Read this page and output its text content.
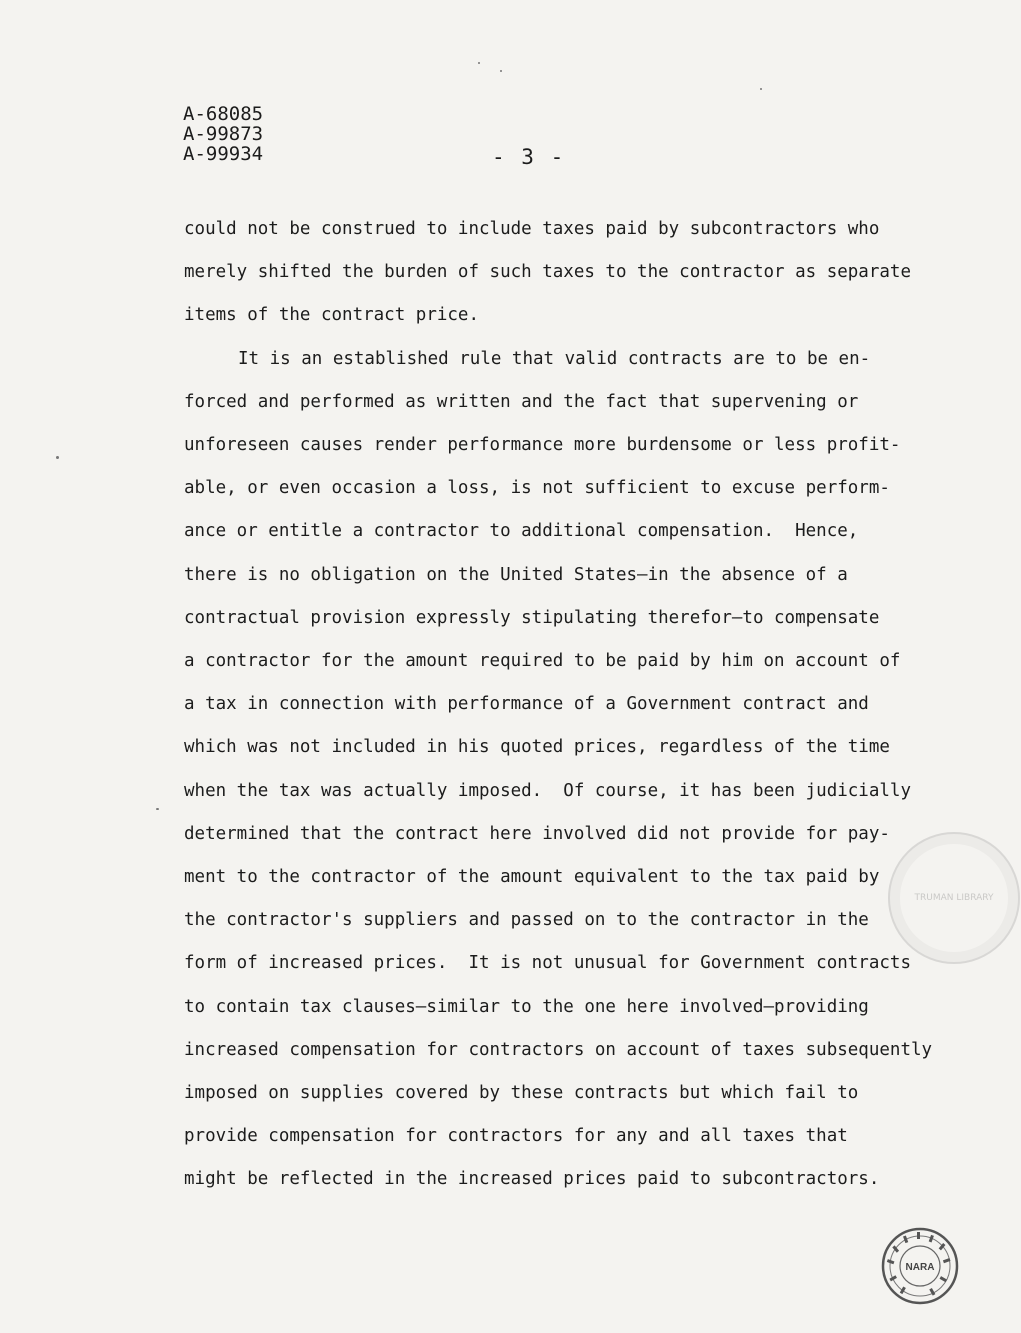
A-68085
A-99873
A-99934	- 3 -
could not be construed to include taxes paid by subcontractors who
merely shifted the burden of such taxes to the contractor as separate
items of the contract price.
It is an established rule that valid contracts are to be en-
forced and performed as written and the fact that supervening or
unforeseen causes render performance more burdensome or less profit-
able, or even occasion a loss, is not sufficient to excuse perform-
ance or entitle a contractor to additional compensation.  Hence,
there is no obligation on the United States—in the absence of a
contractual provision expressly stipulating therefor—to compensate
a contractor for the amount required to be paid by him on account of
a tax in connection with performance of a Government contract and
which was not included in his quoted prices, regardless of the time
when the tax was actually imposed.  Of course, it has been judicially
determined that the contract here involved did not provide for pay-
ment to the contractor of the amount equivalent to the tax paid by
the contractor's suppliers and passed on to the contractor in the
form of increased prices.  It is not unusual for Government contracts
to contain tax clauses—similar to the one here involved—providing
increased compensation for contractors on account of taxes subsequently
imposed on supplies covered by these contracts but which fail to
provide compensation for contractors for any and all taxes that
might be reflected in the increased prices paid to subcontractors.
TRUMAN LIBRARY
NARA
